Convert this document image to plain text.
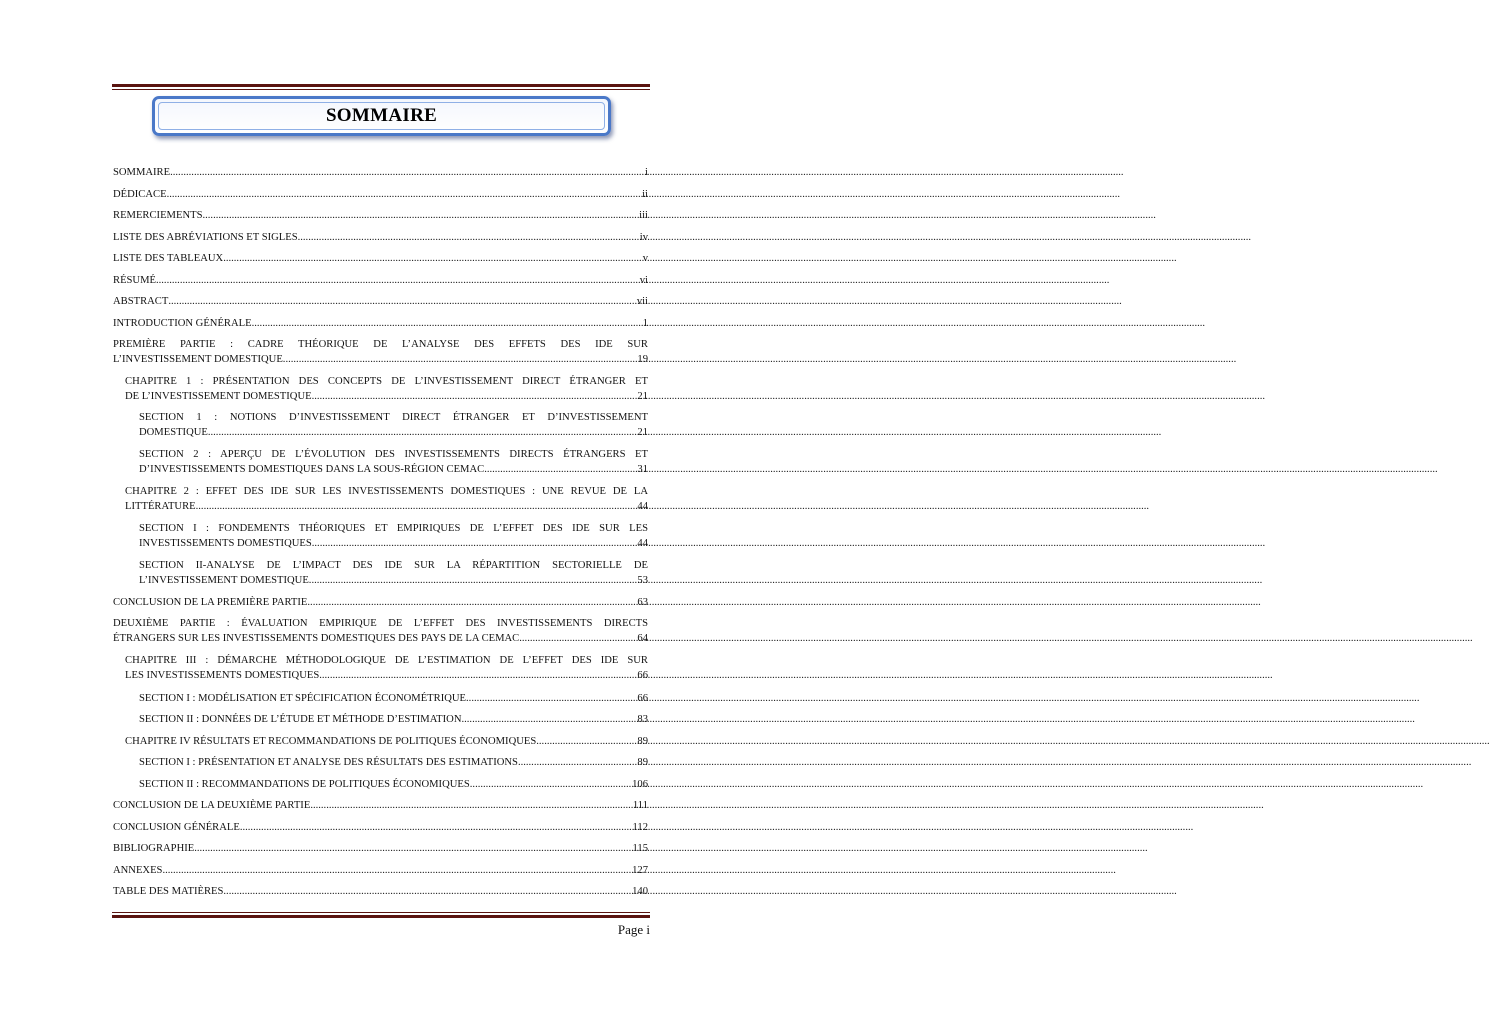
SOMMAIRE
SOMMAIRE .....	i
DÉDICACE .....	ii
REMERCIEMENTS .....	iii
LISTE DES ABRÉVIATIONS ET SIGLES .....	iv
LISTE DES TABLEAUX .....	v
RÉSUMÉ .....	vi
ABSTRACT .....	vii
INTRODUCTION GÉNÉRALE .....	1
PREMIÈRE PARTIE : CADRE THÉORIQUE DE L’ANALYSE DES EFFETS DES IDE SUR
L’INVESTISSEMENT DOMESTIQUE .....	19
CHAPITRE 1 : PRÉSENTATION DES CONCEPTS DE L’INVESTISSEMENT DIRECT ÉTRANGER ET
DE L’INVESTISSEMENT DOMESTIQUE .....	21
SECTION 1 : NOTIONS D’INVESTISSEMENT DIRECT ÉTRANGER ET D’INVESTISSEMENT
DOMESTIQUE .....	21
SECTION 2 : APERÇU DE L’ÉVOLUTION DES INVESTISSEMENTS DIRECTS ÉTRANGERS ET
D’INVESTISSEMENTS DOMESTIQUES DANS LA SOUS-RÉGION CEMAC .....	31
CHAPITRE 2 : EFFET DES IDE SUR LES INVESTISSEMENTS DOMESTIQUES : UNE REVUE DE LA
LITTÉRATURE .....	44
SECTION I : FONDEMENTS THÉORIQUES ET EMPIRIQUES DE L’EFFET DES IDE SUR LES
INVESTISSEMENTS DOMESTIQUES .....	44
SECTION II-ANALYSE DE L’IMPACT DES IDE SUR LA RÉPARTITION SECTORIELLE DE
L’INVESTISSEMENT DOMESTIQUE .....	53
CONCLUSION DE LA PREMIÈRE PARTIE .....	63
DEUXIÈME PARTIE : ÉVALUATION EMPIRIQUE DE L’EFFET DES INVESTISSEMENTS DIRECTS
ÉTRANGERS SUR LES INVESTISSEMENTS DOMESTIQUES DES PAYS DE LA CEMAC .....	64
CHAPITRE III : DÉMARCHE MÉTHODOLOGIQUE DE L’ESTIMATION DE L’EFFET DES IDE SUR
LES INVESTISSEMENTS DOMESTIQUES .....	66
SECTION I : MODÉLISATION ET SPÉCIFICATION ÉCONOMÉTRIQUE .....	66
SECTION II : DONNÉES DE L’ÉTUDE ET MÉTHODE D’ESTIMATION .....	83
CHAPITRE IV RÉSULTATS ET RECOMMANDATIONS DE POLITIQUES ÉCONOMIQUES .....	89
SECTION I : PRÉSENTATION ET ANALYSE DES RÉSULTATS DES ESTIMATIONS .....	89
SECTION II : RECOMMANDATIONS DE POLITIQUES ÉCONOMIQUES .....	106
CONCLUSION DE LA DEUXIÈME PARTIE .....	111
CONCLUSION GÉNÉRALE .....	112
BIBLIOGRAPHIE .....	115
ANNEXES .....	127
TABLE DES MATIÈRES .....	140
Page i
